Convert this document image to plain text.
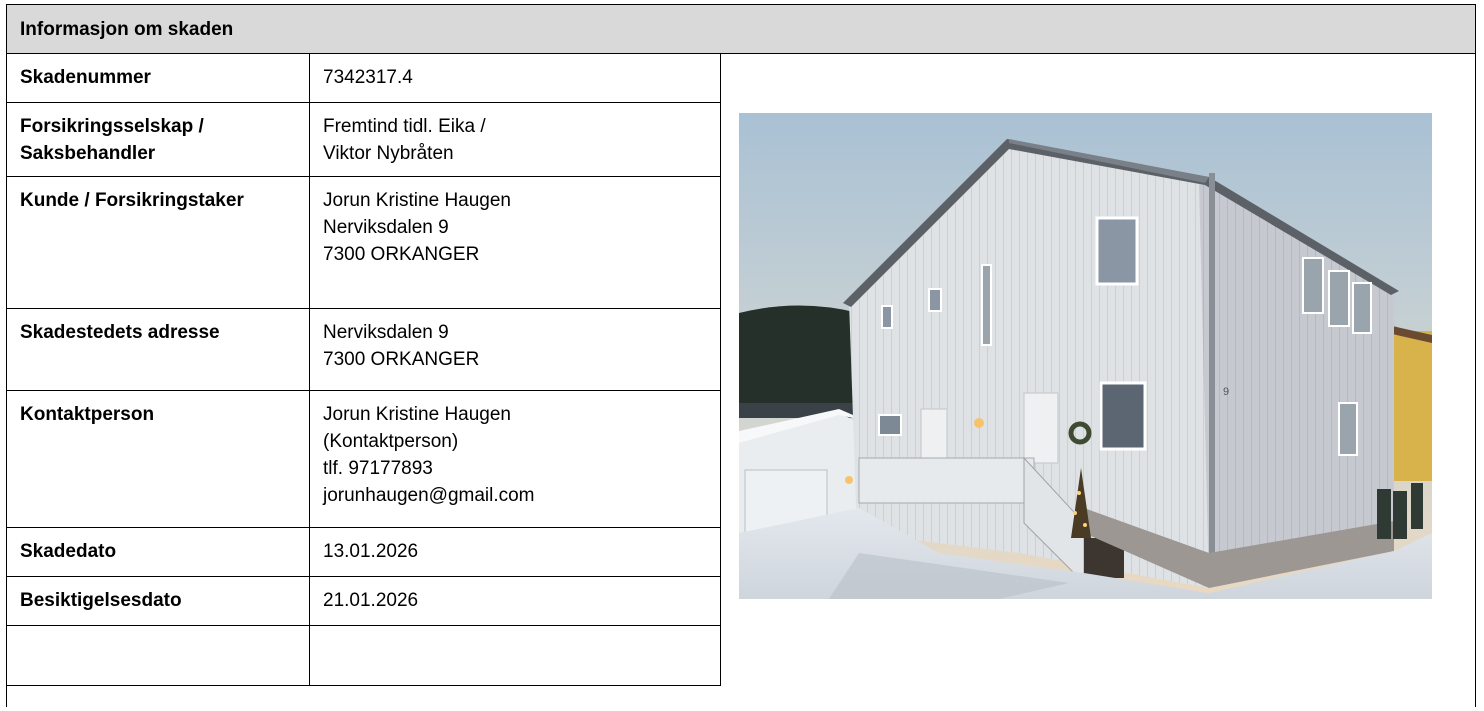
Informasjon om skaden
Skadenummer	7342317.4

Forsikringsselskap /
Saksbehandler	Fremtind tidl. Eika /
Viktor Nybråten

Kunde / Forsikringstaker	Jorun Kristine Haugen
Nerviksdalen 9
7300 ORKANGER

Skadestedets adresse	Nerviksdalen 9
7300 ORKANGER

Kontaktperson	Jorun Kristine Haugen
(Kontaktperson)
tlf. 97177893
jorunhaugen@gmail.com

Skadedato	13.01.2026

Besiktigelsesdato	21.01.2026

9
